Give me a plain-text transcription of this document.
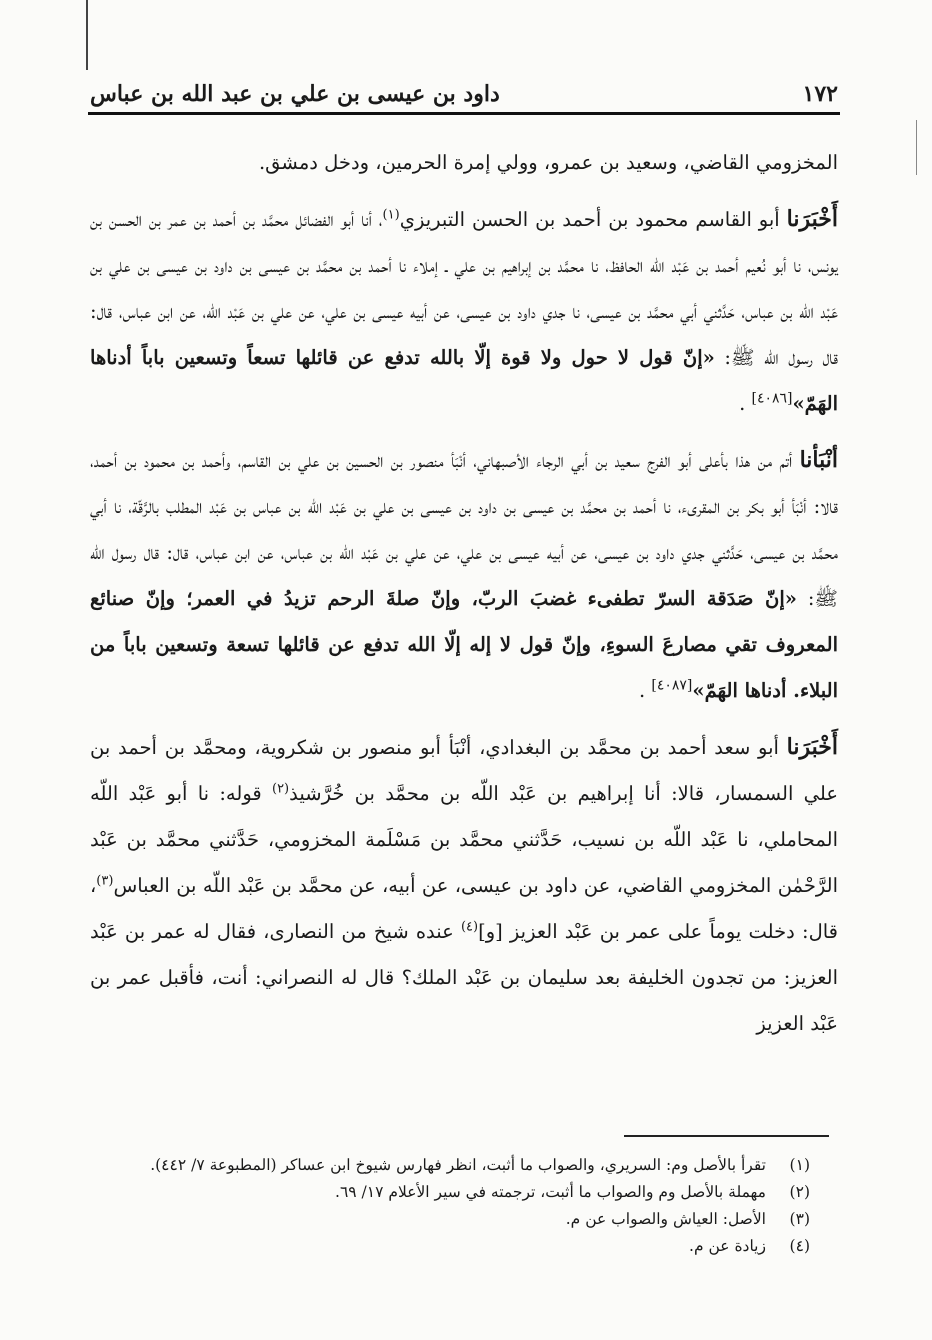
١٧٢
داود بن عيسى بن علي بن عبد الله بن عباس

المخزومي القاضي، وسعيد بن عمرو، وولي إمرة الحرمين، ودخل دمشق.

أَخْبَرَنا أبو القاسم محمود بن أحمد بن الحسن التبريزي$^{(١)}$، أنا أبو الفضائل محمَّد بن أحمد بن عمر بن الحسن بن يونس، نا أبو نُعيم أحمد بن عَبْد اللّه الحافظ، نا محمَّد بن إبراهيم بن علي ـ إملاء نا أحمد بن محمَّد بن عيسى بن داود بن عيسى بن علي بن عَبْد اللّه بن عباس، حَدَّثني أبي محمَّد بن عيسى، نا جدي داود بن عيسى، عن أبيه عيسى بن علي، عن علي بن عَبْد اللّه، عن ابن عباس، قال: قال رسول الله ﷺ: «إنّ قول لا حول ولا قوة إلّا بالله تدفع عن قائلها تسعاً وتسعين باباً أدناها الهَمّ»[٤٠٨٦] .

أنْبَأنا أتم من هذا بأعلى أبو الفرج سعيد بن أبي الرجاء الأصبهاني، أنْبَأ منصور بن الحسين بن علي بن القاسم، وأحمد بن محمود بن أحمد، قالا: أنْبَأ أبو بكر بن المقرىء، نا أحمد بن محمَّد بن عيسى بن داود بن عيسى بن علي بن عَبْد اللّه بن عباس بن عَبْد المطلب بالرَّقّة، نا أبي محمَّد بن عيسى، حَدَّثني جدي داود بن عيسى، عن أبيه عيسى بن علي، عن علي بن عَبْد اللّه بن عباس، عن ابن عباس، قال: قال رسول الله ﷺ: «إنّ صَدَقة السرّ تطفىء غضبَ الربّ، وإنّ صلةَ الرحم تزيدُ في العمر؛ وإنّ صنائع المعروف تقي مصارعَ السوءِ، وإنّ قول لا إله إلّا الله تدفع عن قائلها تسعة وتسعين باباً من البلاء. أدناها الهَمّ»[٤٠٨٧] .

أَخْبَرَنا أبو سعد أحمد بن محمَّد بن البغدادي، أنْبَأ أبو منصور بن شكروية، ومحمَّد بن أحمد بن علي السمسار، قالا: أنا إبراهيم بن عَبْد اللّه بن محمَّد بن خُرَّشيذ$^{(٢)}$ قوله: نا أبو عَبْد اللّه المحاملي، نا عَبْد اللّه بن نسيب، حَدَّثني محمَّد بن مَسْلَمة المخزومي، حَدَّثني محمَّد بن عَبْد الرَّحْمٰن المخزومي القاضي، عن داود بن عيسى، عن أبيه، عن محمَّد بن عَبْد اللّه بن العباس$^{(٣)}$، قال: دخلت يوماً على عمر بن عَبْد العزيز [و]$^{(٤)}$ عنده شيخ من النصارى، فقال له عمر بن عَبْد العزيز: من تجدون الخليفة بعد سليمان بن عَبْد الملك؟ قال له النصراني: أنت، فأقبل عمر بن عَبْد العزيز

(١)
تقرأ بالأصل وم: السريري، والصواب ما أثبت، انظر فهارس شيوخ ابن عساكر (المطبوعة ٧/ ٤٤٢).
(٢)
مهملة بالأصل وم والصواب ما أثبت، ترجمته في سير الأعلام ١٧/ ٦٩.
(٣)
الأصل: العياش والصواب عن م.
(٤)
زيادة عن م.
